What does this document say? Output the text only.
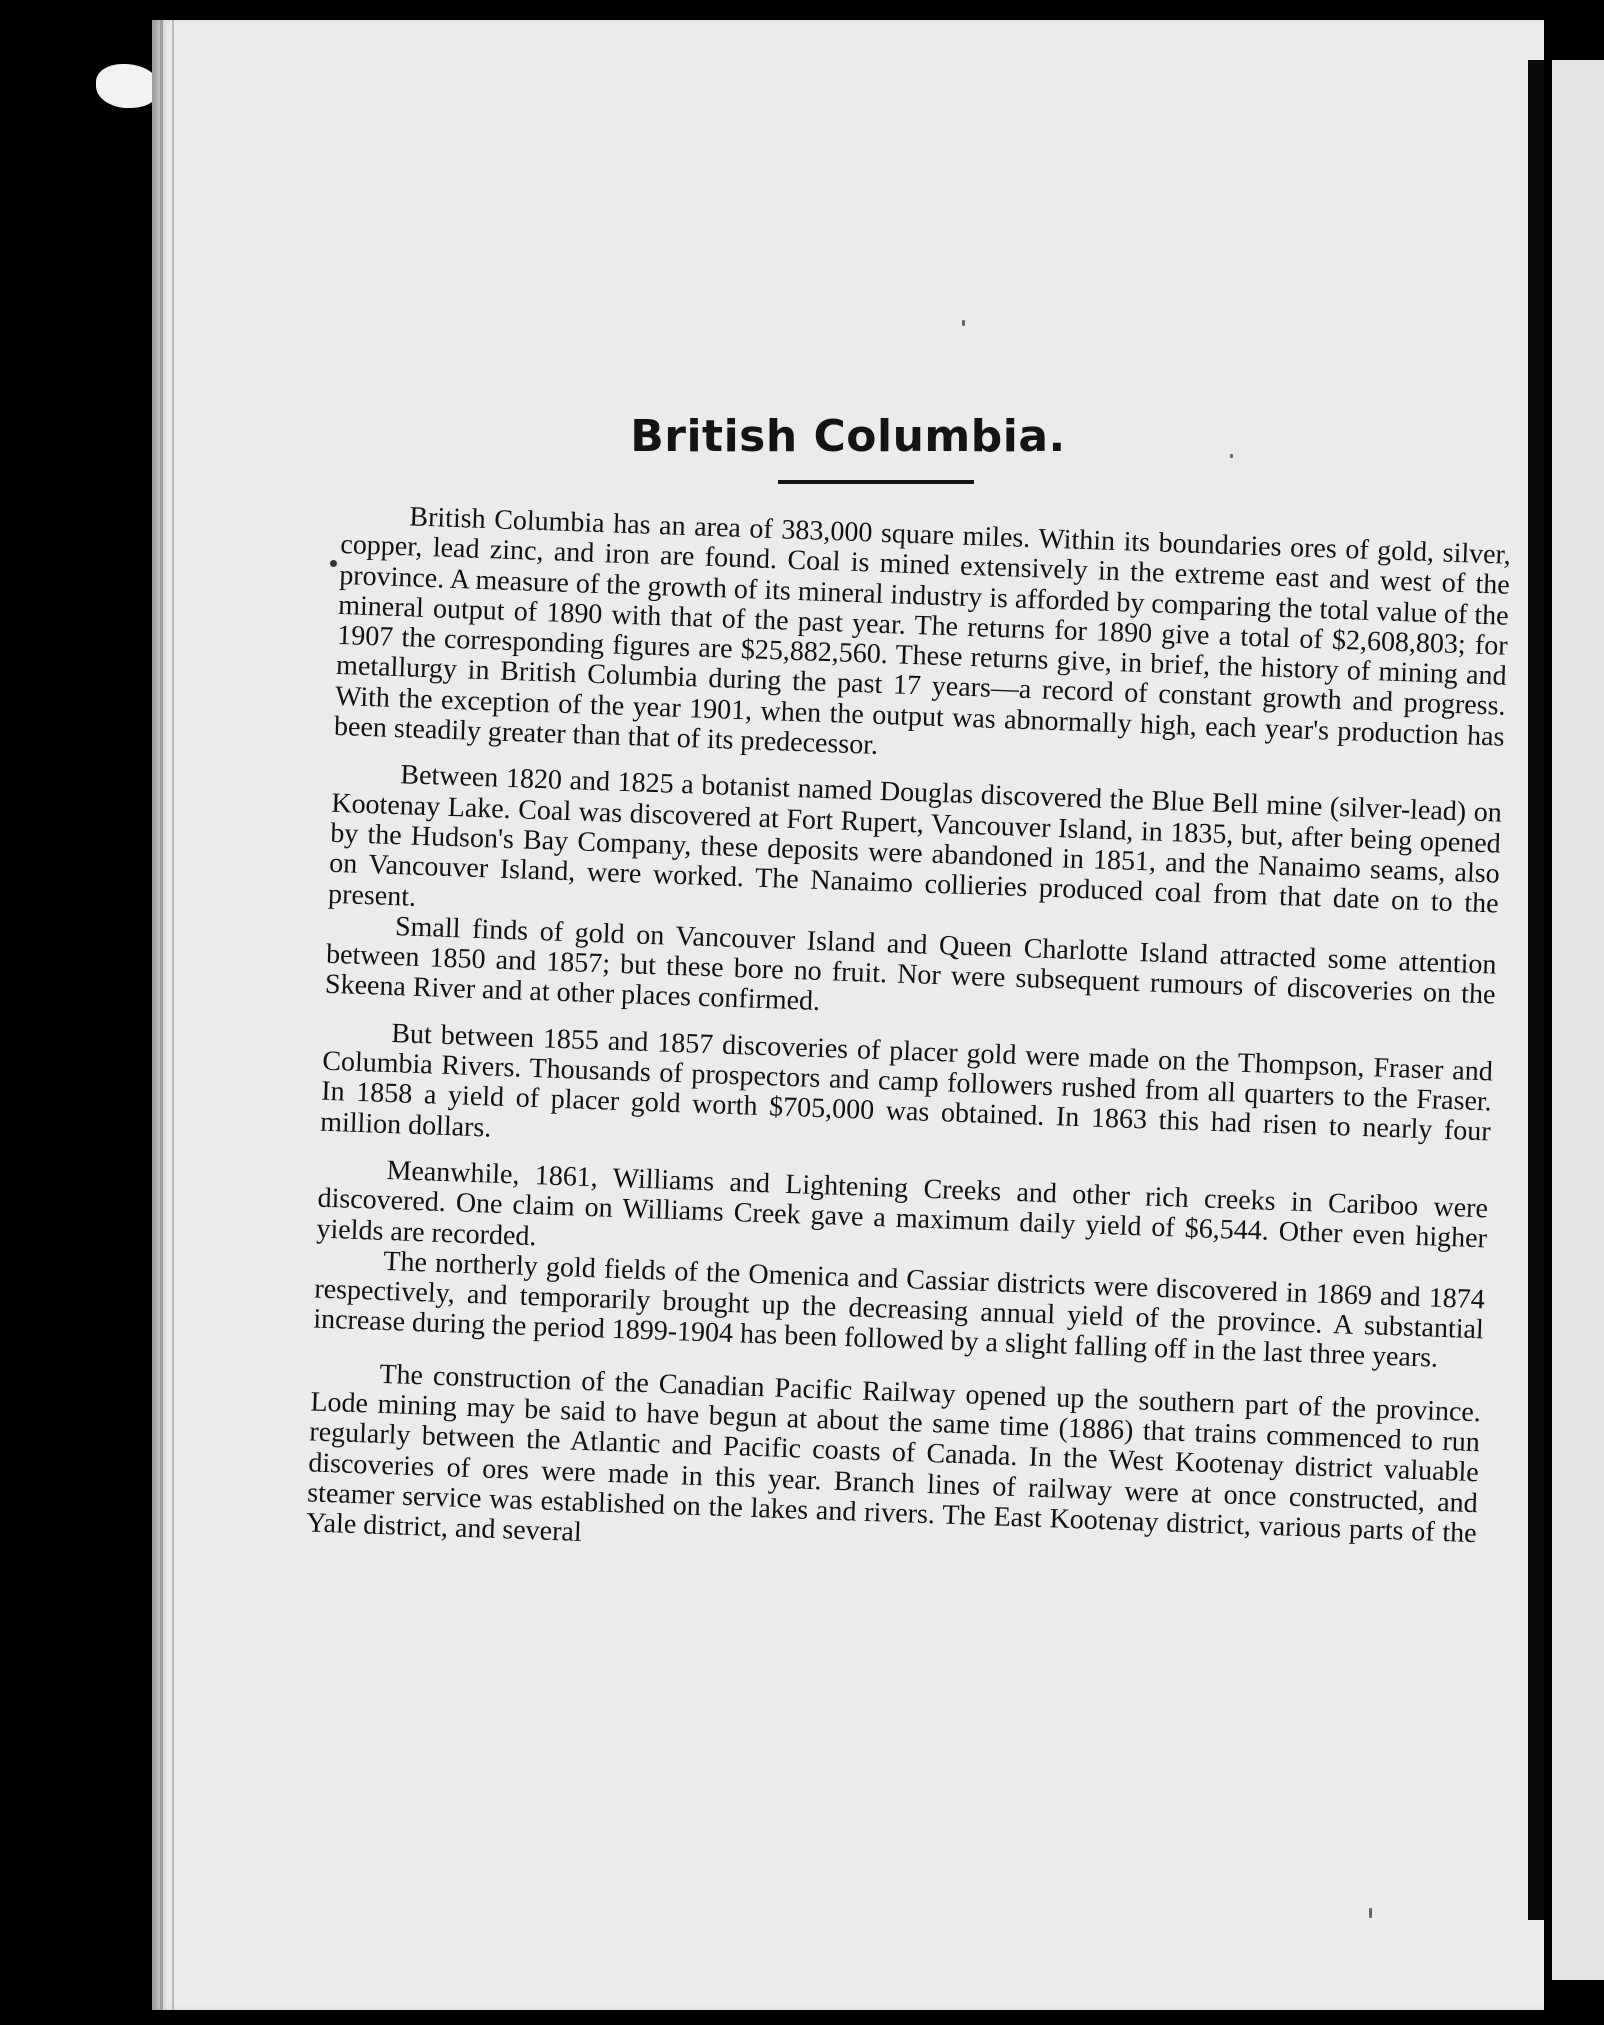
British Columbia.

British Columbia has an area of 383,000 square miles. Within its boundaries ores of gold, silver, copper, lead zinc, and iron are found. Coal is mined extensively in the extreme east and west of the province. A measure of the growth of its mineral industry is afforded by comparing the total value of the mineral output of 1890 with that of the past year. The returns for 1890 give a total of $2,608,803; for 1907 the corresponding figures are $25,882,560. These returns give, in brief, the history of mining and metallurgy in British Columbia during the past 17 years—a record of constant growth and progress. With the exception of the year 1901, when the output was abnormally high, each year's production has been steadily greater than that of its predecessor.

Between 1820 and 1825 a botanist named Douglas discovered the Blue Bell mine (silver-lead) on Kootenay Lake. Coal was discovered at Fort Rupert, Vancouver Island, in 1835, but, after being opened by the Hudson's Bay Company, these deposits were abandoned in 1851, and the Nanaimo seams, also on Vancouver Island, were worked. The Nanaimo collieries produced coal from that date on to the present.

Small finds of gold on Vancouver Island and Queen Charlotte Island attracted some attention between 1850 and 1857; but these bore no fruit. Nor were subsequent rumours of discoveries on the Skeena River and at other places confirmed.

But between 1855 and 1857 discoveries of placer gold were made on the Thompson, Fraser and Columbia Rivers. Thousands of prospectors and camp followers rushed from all quarters to the Fraser. In 1858 a yield of placer gold worth $705,000 was obtained. In 1863 this had risen to nearly four million dollars.

Meanwhile, 1861, Williams and Lightening Creeks and other rich creeks in Cariboo were discovered. One claim on Williams Creek gave a maximum daily yield of $6,544. Other even higher yields are recorded.

The northerly gold fields of the Omenica and Cassiar districts were discovered in 1869 and 1874 respectively, and temporarily brought up the decreasing annual yield of the province. A substantial increase during the period 1899-1904 has been followed by a slight falling off in the last three years.

The construction of the Canadian Pacific Railway opened up the southern part of the province. Lode mining may be said to have begun at about the same time (1886) that trains commenced to run regularly between the Atlantic and Pacific coasts of Canada. In the West Kootenay district valuable discoveries of ores were made in this year. Branch lines of railway were at once constructed, and steamer service was established on the lakes and rivers. The East Kootenay district, various parts of the Yale district, and several
